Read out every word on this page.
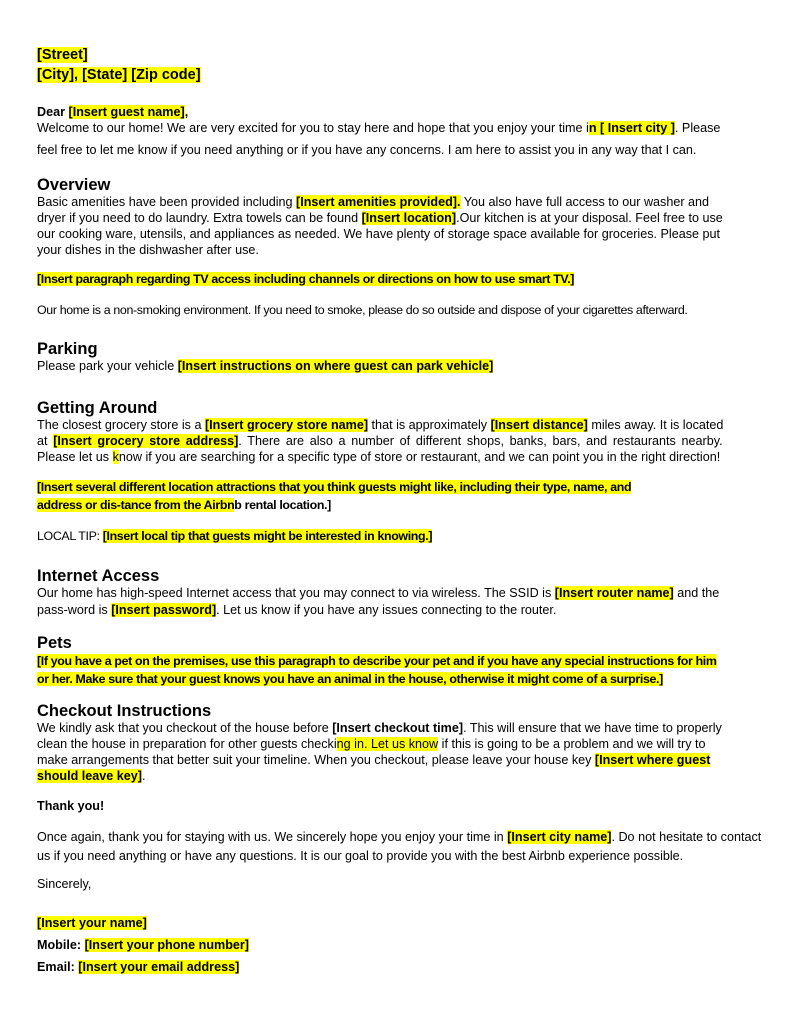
[Street]
[City], [State] [Zip code]
Dear [Insert guest name],
Welcome to our home! We are very excited for you to stay here and hope that you enjoy your time in [ Insert city ]. Please
feel free to let me know if you need anything or if you have any concerns. I am here to assist you in any way that I can.
Overview
Basic amenities have been provided including [Insert amenities provided]. You also have full access to our washer and
dryer if you need to do laundry. Extra towels can be found [Insert location].Our kitchen is at your disposal. Feel free to use
our cooking ware, utensils, and appliances as needed. We have plenty of storage space available for groceries. Please put
your dishes in the dishwasher after use.
[Insert paragraph regarding TV access including channels or directions on how to use smart TV.]
Our home is a non-smoking environment. If you need to smoke, please do so outside and dispose of your cigarettes afterward.
Parking
Please park your vehicle [Insert instructions on where guest can park vehicle]
Getting Around
The closest grocery store is a [Insert grocery store name] that is approximately [Insert distance] miles away. It is located
at [Insert grocery store address]. There are also a number of different shops, banks, bars, and restaurants nearby.
Please let us know if you are searching for a specific type of store or restaurant, and we can point you in the right direction!
[Insert several different location attractions that you think guests might like, including their type, name, and
address or dis-tance from the Airbnb rental location.]
LOCAL TIP: [Insert local tip that guests might be interested in knowing.]
Internet Access
Our home has high-speed Internet access that you may connect to via wireless. The SSID is [Insert router name] and the
pass-word is [Insert password]. Let us know if you have any issues connecting to the router.
Pets
[If you have a pet on the premises, use this paragraph to describe your pet and if you have any special instructions for him
or her. Make sure that your guest knows you have an animal in the house, otherwise it might come of a surprise.]
Checkout Instructions
We kindly ask that you checkout of the house before [Insert checkout time]. This will ensure that we have time to properly
clean the house in preparation for other guests checking in. Let us know if this is going to be a problem and we will try to
make arrangements that better suit your timeline. When you checkout, please leave your house key [Insert where guest
should leave key].
Thank you!
Once again, thank you for staying with us. We sincerely hope you enjoy your time in [Insert city name]. Do not hesitate to contact
us if you need anything or have any questions. It is our goal to provide you with the best Airbnb experience possible.
Sincerely,
[Insert your name]
Mobile: [Insert your phone number]
Email: [Insert your email address]
